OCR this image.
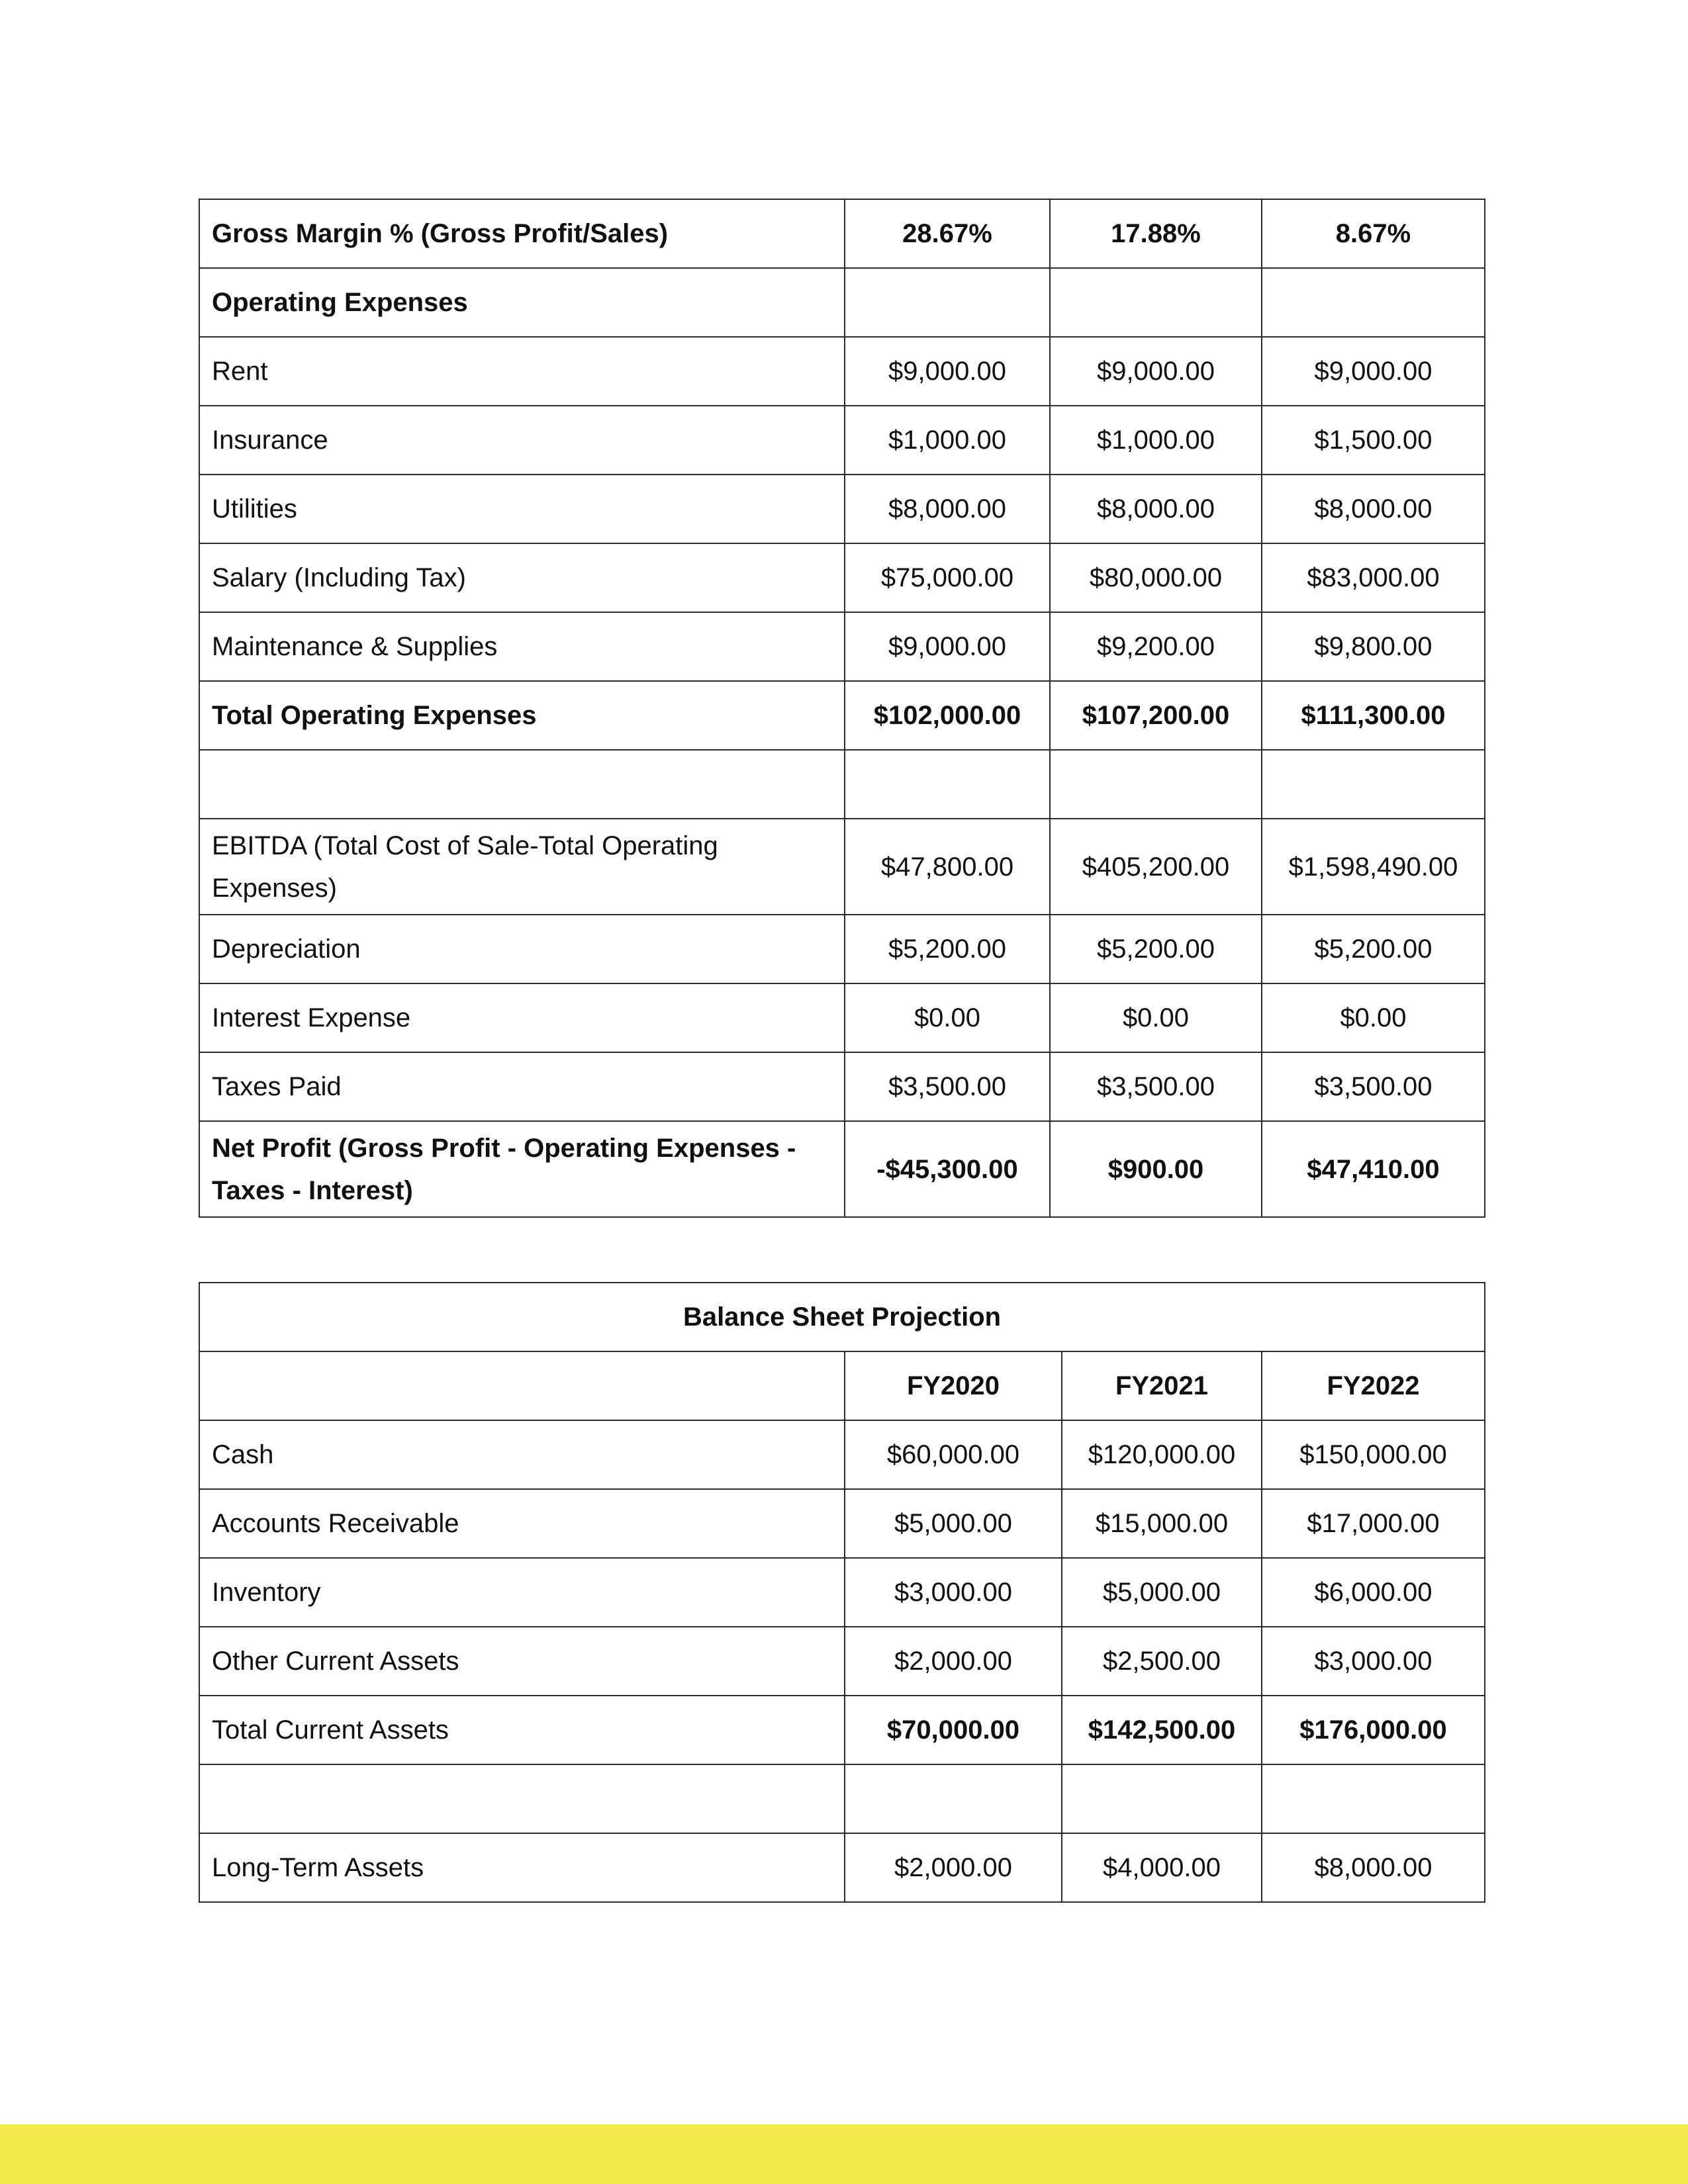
Gross Margin % (Gross Profit/Sales)	28.67%	17.88%	8.67%
Operating Expenses			
Rent	$9,000.00	$9,000.00	$9,000.00
Insurance	$1,000.00	$1,000.00	$1,500.00
Utilities	$8,000.00	$8,000.00	$8,000.00
Salary (Including Tax)	$75,000.00	$80,000.00	$83,000.00
Maintenance & Supplies	$9,000.00	$9,200.00	$9,800.00
Total Operating Expenses	$102,000.00	$107,200.00	$111,300.00

EBITDA (Total Cost of Sale-Total Operating Expenses)	$47,800.00	$405,200.00	$1,598,490.00
Depreciation	$5,200.00	$5,200.00	$5,200.00
Interest Expense	$0.00	$0.00	$0.00
Taxes Paid	$3,500.00	$3,500.00	$3,500.00
Net Profit (Gross Profit - Operating Expenses - Taxes - Interest)	-$45,300.00	$900.00	$47,410.00
Balance Sheet Projection			
	FY2020	FY2021	FY2022
Cash	$60,000.00	$120,000.00	$150,000.00
Accounts Receivable	$5,000.00	$15,000.00	$17,000.00
Inventory	$3,000.00	$5,000.00	$6,000.00
Other Current Assets	$2,000.00	$2,500.00	$3,000.00
Total Current Assets	$70,000.00	$142,500.00	$176,000.00

Long-Term Assets	$2,000.00	$4,000.00	$8,000.00
